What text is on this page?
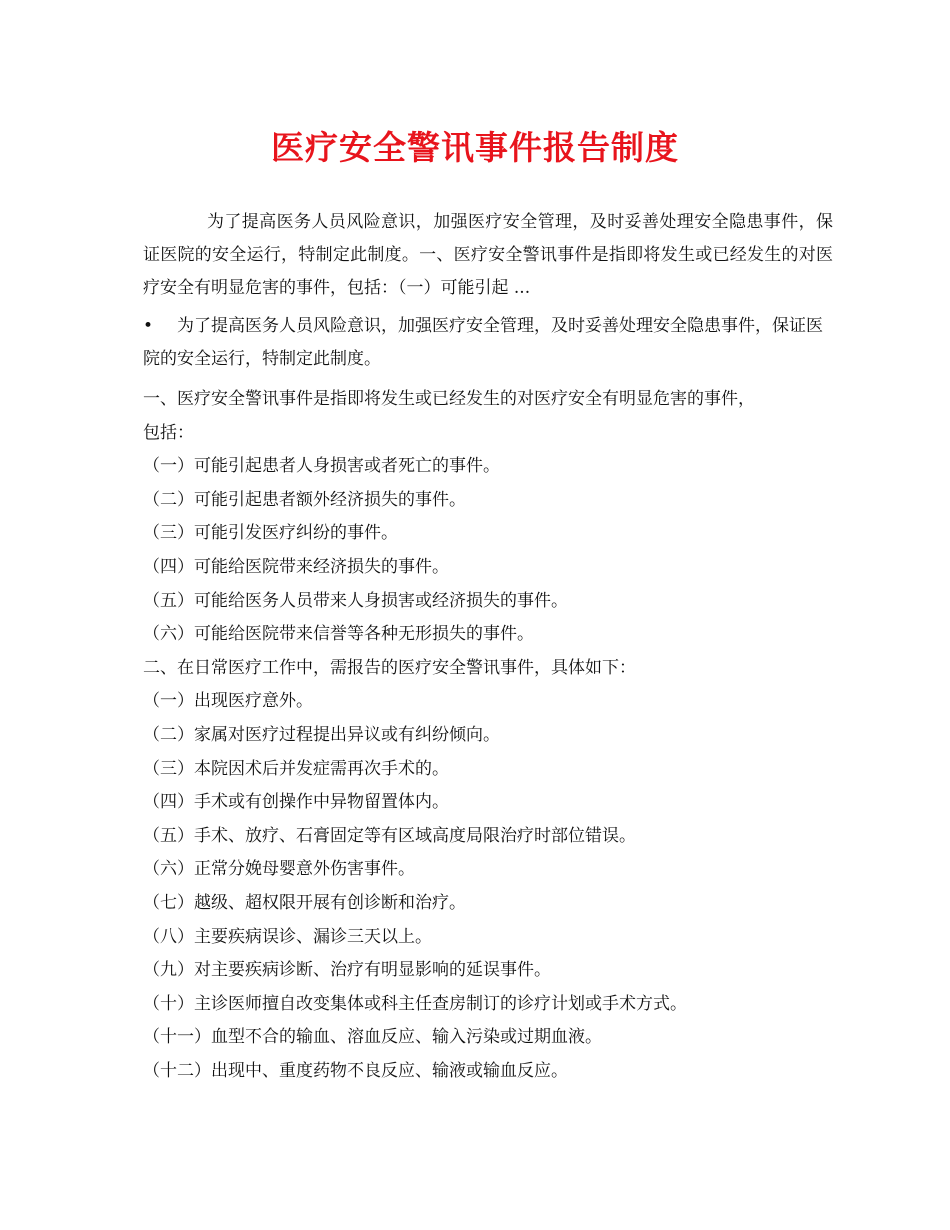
医疗安全警讯事件报告制度

为了提高医务人员风险意识，加强医疗安全管理，及时妥善处理安全隐患事件，保证医院的安全运行，特制定此制度。一、医疗安全警讯事件是指即将发生或已经发生的对医疗安全有明显危害的事件，包括：（一）可能引起 ...

• 为了提高医务人员风险意识，加强医疗安全管理，及时妥善处理安全隐患事件，保证医院的安全运行，特制定此制度。

一、医疗安全警讯事件是指即将发生或已经发生的对医疗安全有明显危害的事件，
包括：
（一）可能引起患者人身损害或者死亡的事件。
（二）可能引起患者额外经济损失的事件。
（三）可能引发医疗纠纷的事件。
（四）可能给医院带来经济损失的事件。
（五）可能给医务人员带来人身损害或经济损失的事件。
（六）可能给医院带来信誉等各种无形损失的事件。
二、在日常医疗工作中，需报告的医疗安全警讯事件，具体如下：
（一）出现医疗意外。
（二）家属对医疗过程提出异议或有纠纷倾向。
（三）本院因术后并发症需再次手术的。
（四）手术或有创操作中异物留置体内。
（五）手术、放疗、石膏固定等有区域高度局限治疗时部位错误。
（六）正常分娩母婴意外伤害事件。
（七）越级、超权限开展有创诊断和治疗。
（八）主要疾病误诊、漏诊三天以上。
（九）对主要疾病诊断、治疗有明显影响的延误事件。
（十）主诊医师擅自改变集体或科主任查房制订的诊疗计划或手术方式。
（十一）血型不合的输血、溶血反应、输入污染或过期血液。
（十二）出现中、重度药物不良反应、输液或输血反应。
